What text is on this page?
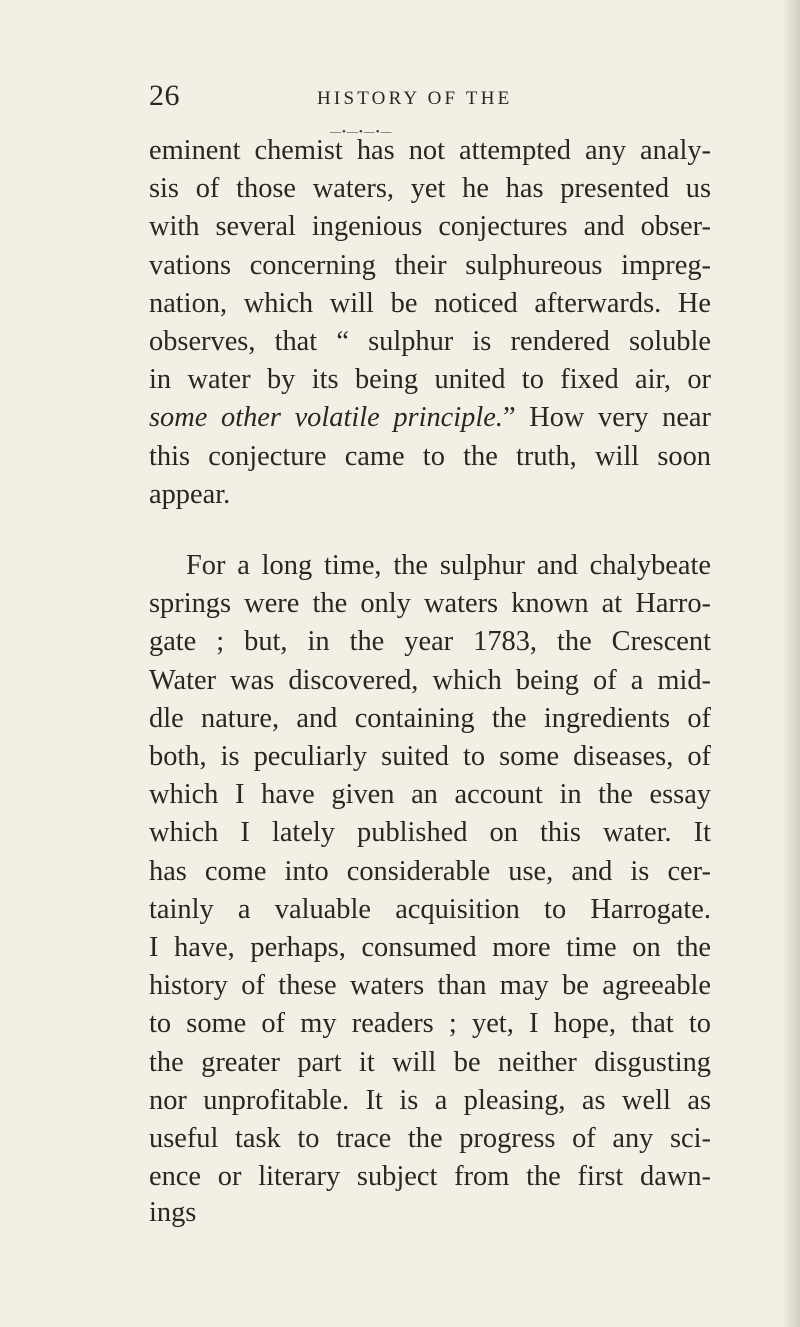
26	HISTORY OF THE
—•—•—•—

eminent chemist has not attempted any analy-
sis of those waters, yet he has presented us
with several ingenious conjectures and obser-
vations concerning their sulphureous impreg-
nation, which will be noticed afterwards. He
observes, that “ sulphur is rendered soluble
in water by its being united to fixed air, or
some other volatile principle.” How very near
this conjecture came to the truth, will soon
appear.

For a long time, the sulphur and chalybeate
springs were the only waters known at Harro-
gate ; but, in the year 1783, the Crescent
Water was discovered, which being of a mid-
dle nature, and containing the ingredients of
both, is peculiarly suited to some diseases, of
which I have given an account in the essay
which I lately published on this water. It
has come into considerable use, and is cer-
tainly a valuable acquisition to Harrogate.
I have, perhaps, consumed more time on the
history of these waters than may be agreeable
to some of my readers ; yet, I hope, that to
the greater part it will be neither disgusting
nor unprofitable. It is a pleasing, as well as
useful task to trace the progress of any sci-
ence or literary subject from the first dawn-
ings
